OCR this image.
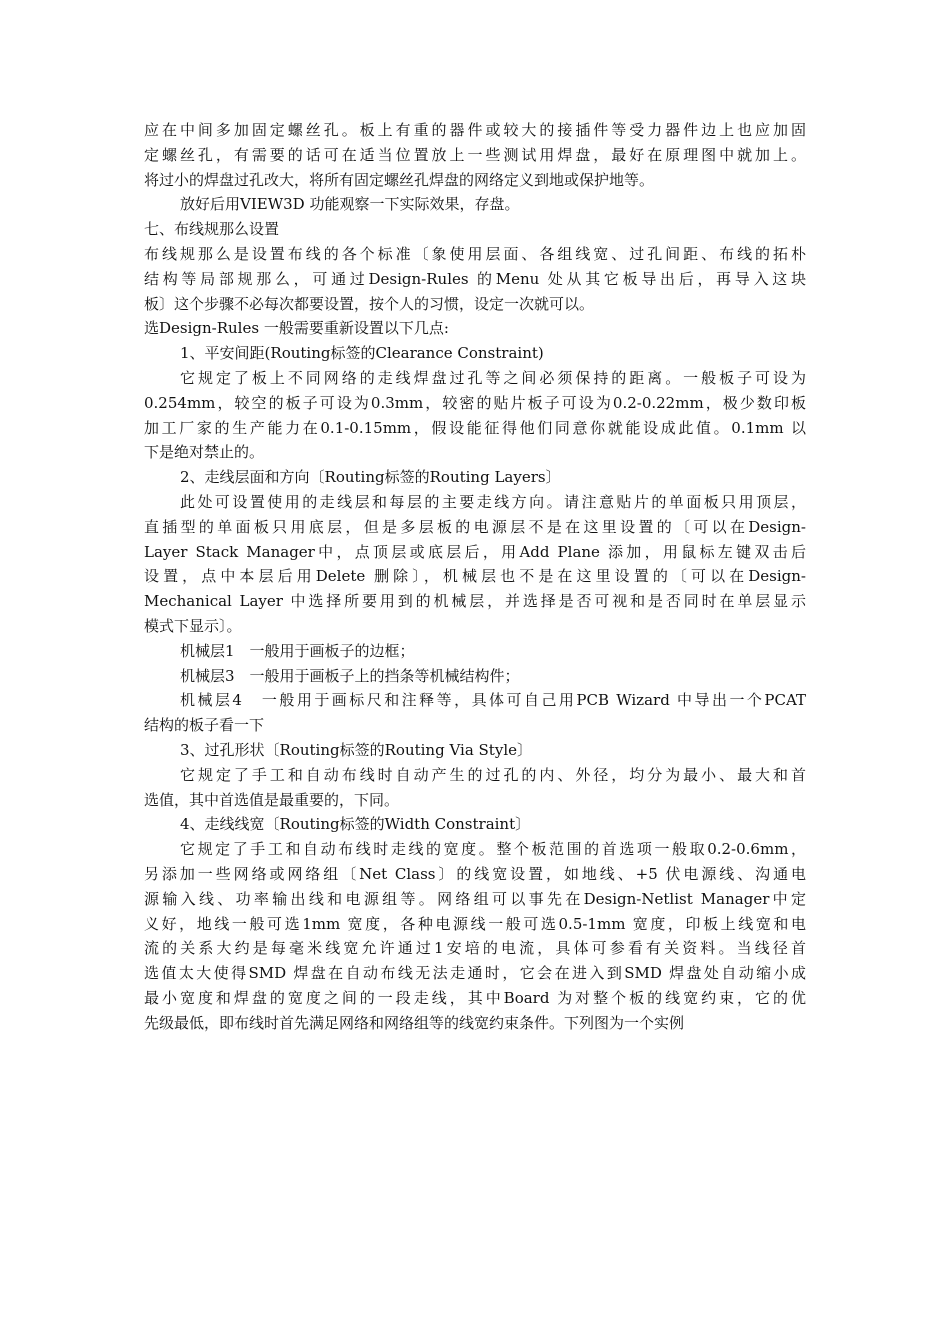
应在中间多加固定螺丝孔。板上有重的器件或较大的接插件等受力器件边上也应加固
定螺丝孔，有需要的话可在适当位置放上一些测试用焊盘，最好在原理图中就加上。
将过小的焊盘过孔改大，将所有固定螺丝孔焊盘的网络定义到地或保护地等。
放好后用VIEW3D 功能观察一下实际效果，存盘。
七、布线规那么设置
布线规那么是设置布线的各个标准〔象使用层面、各组线宽、过孔间距、布线的拓朴
结构等局部规那么，可通过Design-Rules 的Menu 处从其它板导出后，再导入这块
板〕这个步骤不必每次都要设置，按个人的习惯，设定一次就可以。
选Design-Rules 一般需要重新设置以下几点:
1、平安间距(Routing标签的Clearance Constraint)
它规定了板上不同网络的走线焊盘过孔等之间必须保持的距离。一般板子可设为
0.254mm，较空的板子可设为0.3mm，较密的贴片板子可设为0.2-0.22mm，极少数印板
加工厂家的生产能力在0.1-0.15mm，假设能征得他们同意你就能设成此值。0.1mm 以
下是绝对禁止的。
2、走线层面和方向〔Routing标签的Routing Layers〕
此处可设置使用的走线层和每层的主要走线方向。请注意贴片的单面板只用顶层，
直插型的单面板只用底层，但是多层板的电源层不是在这里设置的〔可以在Design-
Layer Stack Manager中，点顶层或底层后，用Add Plane 添加，用鼠标左键双击后
设置，点中本层后用Delete 删除〕，机械层也不是在这里设置的〔可以在Design-
Mechanical Layer 中选择所要用到的机械层，并选择是否可视和是否同时在单层显示
模式下显示〕。
机械层1　一般用于画板子的边框；
机械层3　一般用于画板子上的挡条等机械结构件；
机械层4　一般用于画标尺和注释等，具体可自己用PCB Wizard 中导出一个PCAT
结构的板子看一下
3、过孔形状〔Routing标签的Routing Via Style〕
它规定了手工和自动布线时自动产生的过孔的内、外径，均分为最小、最大和首
选值，其中首选值是最重要的，下同。
4、走线线宽〔Routing标签的Width Constraint〕
它规定了手工和自动布线时走线的宽度。整个板范围的首选项一般取0.2-0.6mm，
另添加一些网络或网络组〔Net Class〕的线宽设置，如地线、+5 伏电源线、沟通电
源输入线、功率输出线和电源组等。网络组可以事先在Design-Netlist Manager中定
义好，地线一般可选1mm 宽度，各种电源线一般可选0.5-1mm 宽度，印板上线宽和电
流的关系大约是每毫米线宽允许通过1安培的电流，具体可参看有关资料。当线径首
选值太大使得SMD 焊盘在自动布线无法走通时，它会在进入到SMD 焊盘处自动缩小成
最小宽度和焊盘的宽度之间的一段走线，其中Board 为对整个板的线宽约束，它的优
先级最低，即布线时首先满足网络和网络组等的线宽约束条件。下列图为一个实例
